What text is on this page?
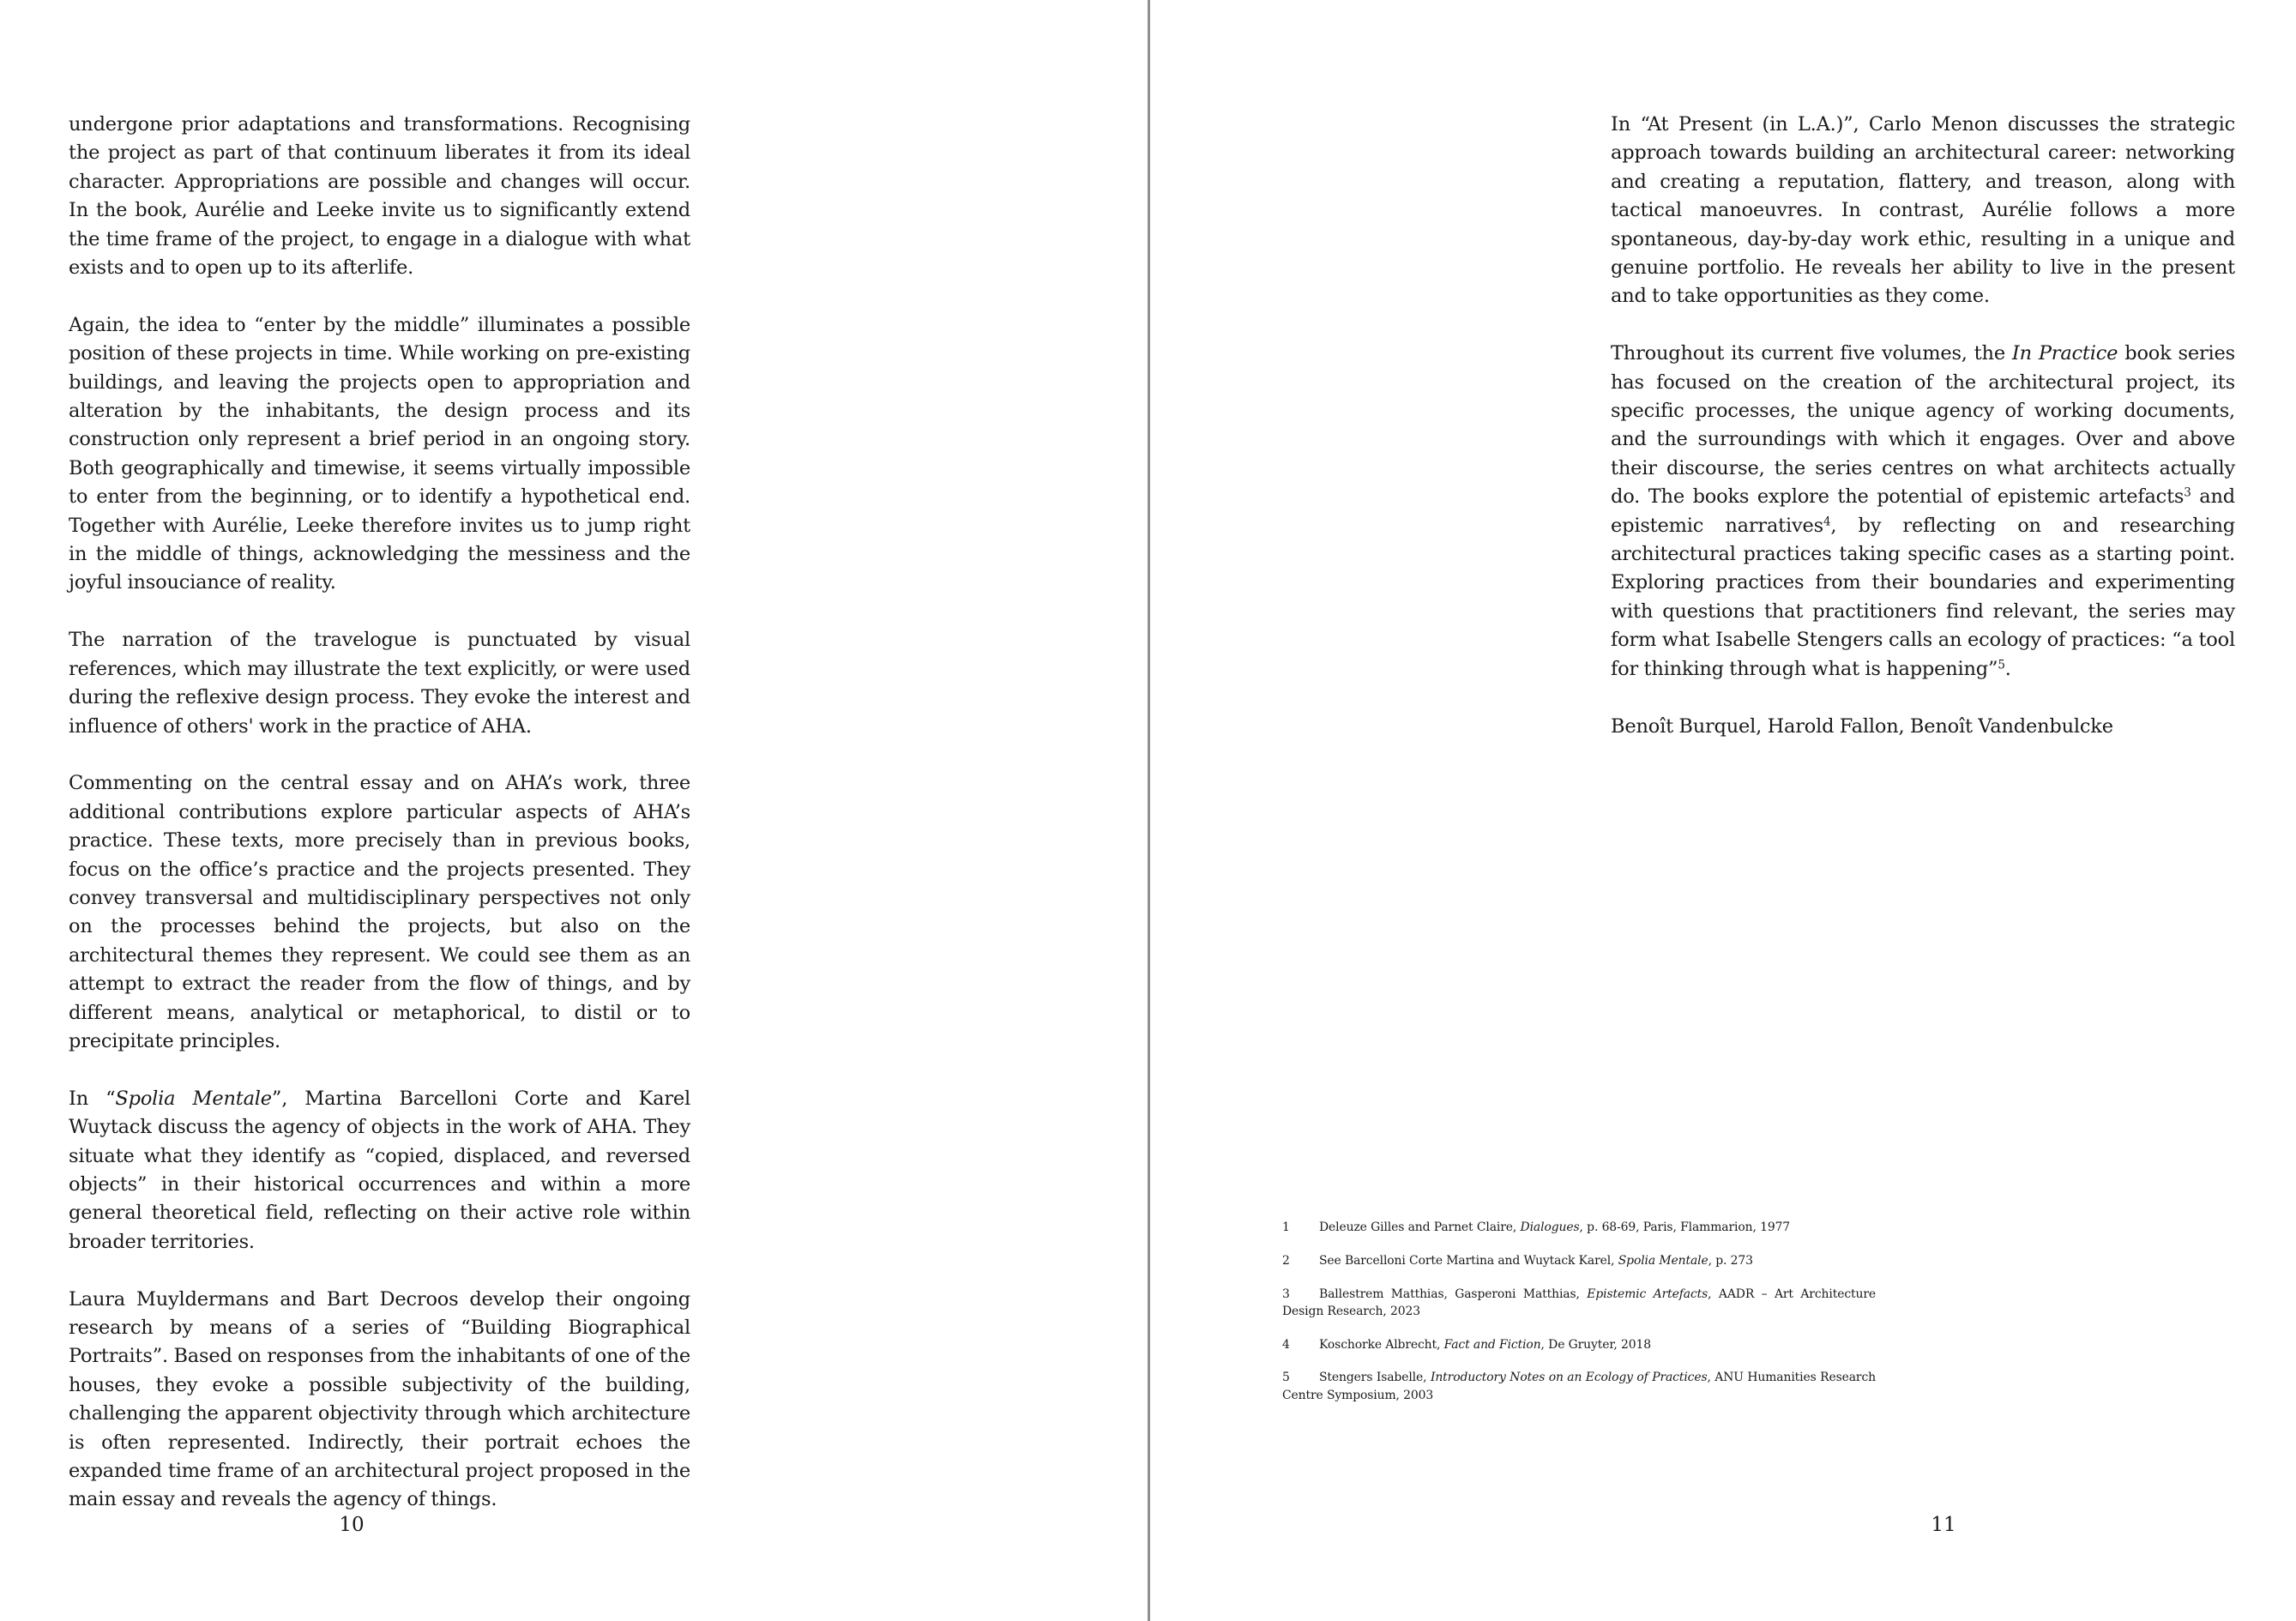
undergone prior adaptations and transformations. Recognising the project as part of that continuum liberates it from its ideal character. Appropriations are possible and changes will occur. In the book, Aurélie and Leeke invite us to significantly extend the time frame of the project, to engage in a dialogue with what exists and to open up to its afterlife.

Again, the idea to “enter by the middle” illuminates a possible position of these projects in time. While working on pre-existing buildings, and leaving the projects open to appropriation and alteration by the inhabitants, the design process and its construction only represent a brief period in an ongoing story. Both geographically and timewise, it seems virtually impossible to enter from the beginning, or to identify a hypothetical end. Together with Aurélie, Leeke therefore invites us to jump right in the middle of things, acknowledging the messiness and the joyful insouciance of reality.

The narration of the travelogue is punctuated by visual references, which may illustrate the text explicitly, or were used during the reflexive design process. They evoke the interest and influence of others' work in the practice of AHA.

Commenting on the central essay and on AHA’s work, three additional contributions explore particular aspects of AHA’s practice. These texts, more precisely than in previous books, focus on the office’s practice and the projects presented. They convey transversal and multidisciplinary perspectives not only on the processes behind the projects, but also on the architectural themes they represent. We could see them as an attempt to extract the reader from the flow of things, and by different means, analytical or metaphorical, to distil or to precipitate principles.

In “Spolia Mentale”, Martina Barcelloni Corte and Karel Wuytack discuss the agency of objects in the work of AHA. They situate what they identify as “copied, displaced, and reversed objects” in their historical occurrences and within a more general theoretical field, reflecting on their active role within broader territories.

Laura Muyldermans and Bart Decroos develop their ongoing research by means of a series of “Building Biographical Portraits”. Based on responses from the inhabitants of one of the houses, they evoke a possible subjectivity of the building, challenging the apparent objectivity through which architecture is often represented. Indirectly, their portrait echoes the expanded time frame of an architectural project proposed in the main essay and reveals the agency of things.

10

In “At Present (in L.A.)”, Carlo Menon discusses the strategic approach towards building an architectural career: networking and creating a reputation, flattery, and treason, along with tactical manoeuvres. In contrast, Aurélie follows a more spontaneous, day-by-day work ethic, resulting in a unique and genuine portfolio. He reveals her ability to live in the present and to take opportunities as they come.

Throughout its current five volumes, the In Practice book series has focused on the creation of the architectural project, its specific processes, the unique agency of working documents, and the surroundings with which it engages. Over and above their discourse, the series centres on what architects actually do. The books explore the potential of epistemic artefacts$^3$ and epistemic narratives$^4$, by reflecting on and researching architectural practices taking specific cases as a starting point. Exploring practices from their boundaries and experimenting with questions that practitioners find relevant, the series may form what Isabelle Stengers calls an ecology of practices: “a tool for thinking through what is happening”$^5$.

Benoît Burquel, Harold Fallon, Benoît Vandenbulcke

1 Deleuze Gilles and Parnet Claire, Dialogues, p. 68-69, Paris, Flammarion, 1977
2 See Barcelloni Corte Martina and Wuytack Karel, Spolia Mentale, p. 273
3 Ballestrem Matthias, Gasperoni Matthias, Epistemic Artefacts, AADR – Art Architecture Design Research, 2023
4 Koschorke Albrecht, Fact and Fiction, De Gruyter, 2018
5 Stengers Isabelle, Introductory Notes on an Ecology of Practices, ANU Humanities Research Centre Symposium, 2003
11
